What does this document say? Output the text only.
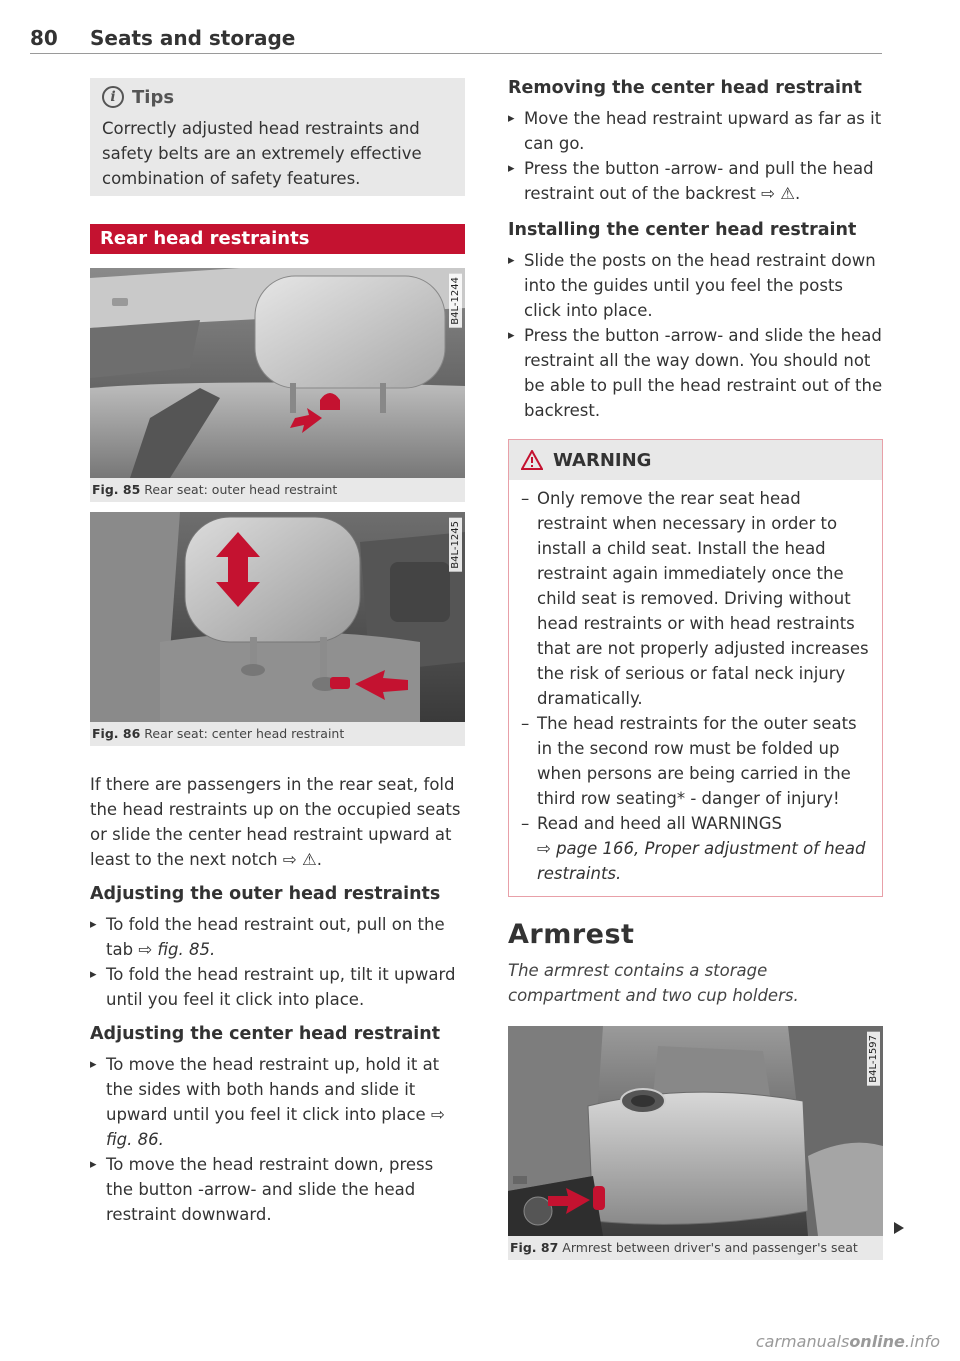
80 Seats and storage
i Tips

Correctly adjusted head restraints and safety belts are an extremely effective combination of safety features.

Rear head restraints
B4L-1244
Fig. 85 Rear seat: outer head restraint
B4L-1245
Fig. 86 Rear seat: center head restraint

If there are passengers in the rear seat, fold the head restraints up on the occupied seats or slide the center head restraint upward at least to the next notch ⇨ ⚠.

Adjusting the outer head restraints
▸ To fold the head restraint out, pull on the tab ⇨ fig. 85.
▸ To fold the head restraint up, tilt it upward until you feel it click into place.
Adjusting the center head restraint
▸ To move the head restraint up, hold it at the sides with both hands and slide it upward until you feel it click into place ⇨ fig. 86.
▸ To move the head restraint down, press the button -arrow- and slide the head restraint downward.
Removing the center head restraint
▸ Move the head restraint upward as far as it can go.
▸ Press the button -arrow- and pull the head restraint out of the backrest ⇨ ⚠.
Installing the center head restraint
▸ Slide the posts on the head restraint down into the guides until you feel the posts click into place.
▸ Press the button -arrow- and slide the head restraint all the way down. You should not be able to pull the head restraint out of the backrest.
WARNING
– Only remove the rear seat head restraint when necessary in order to install a child seat. Install the head restraint again immediately once the child seat is removed. Driving without head restraints or with head restraints that are not properly adjusted increases the risk of serious or fatal neck injury dramatically.
– The head restraints for the outer seats in the second row must be folded up when persons are being carried in the third row seating* - danger of injury!
– Read and heed all WARNINGS
⇨ page 166, Proper adjustment of head restraints.
Armrest

The armrest contains a storage compartment and two cup holders.

B4L-1597
Fig. 87 Armrest between driver's and passenger's seat
carmanualsonline.info
